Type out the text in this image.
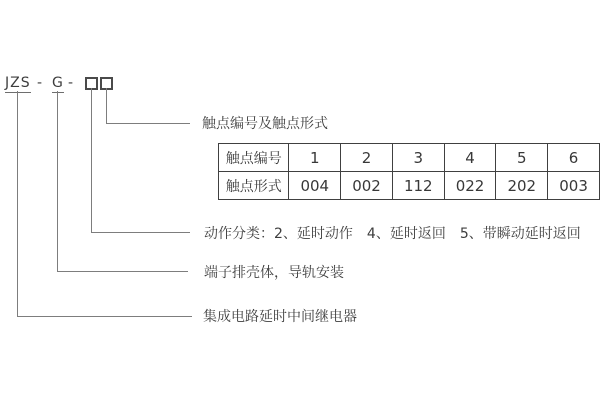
JZS - G -
触点编号及触点形式
动作分类：2、延时动作　4、延时返回　5、带瞬动延时返回
端子排壳体，导轨安装
集成电路延时中间继电器
触点编号	1	2	3	4	5	6
触点形式	004	002	112	022	202	003
